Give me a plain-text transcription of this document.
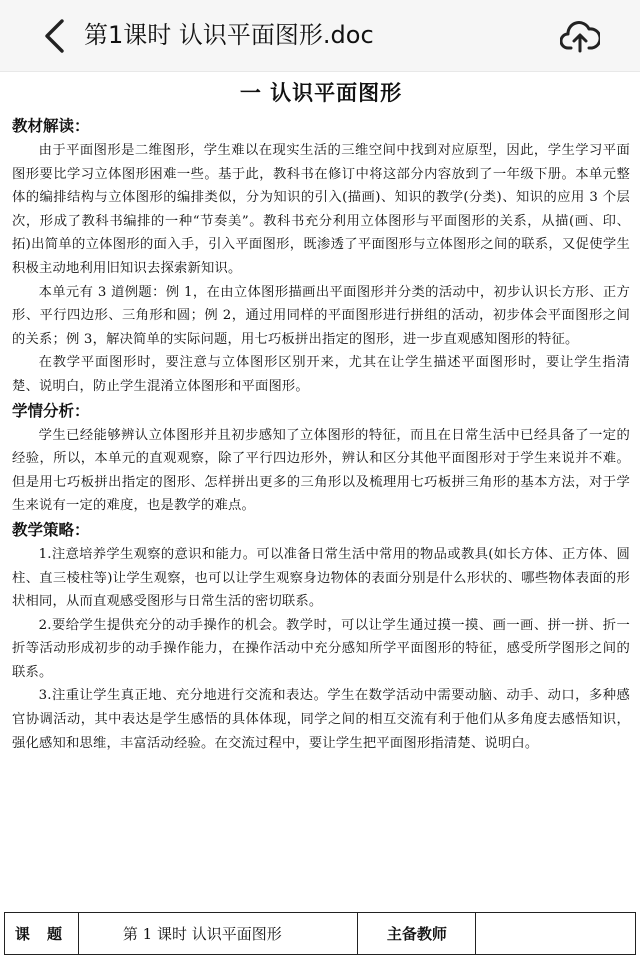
第1课时 认识平面图形.doc
一 认识平面图形
教材解读：

由于平面图形是二维图形，学生难以在现实生活的三维空间中找到对应原型，因此，学生学习平面图形要比学习立体图形困难一些。基于此，教科书在修订中将这部分内容放到了一年级下册。本单元整体的编排结构与立体图形的编排类似，分为知识的引入(描画)、知识的教学(分类)、知识的应用 3 个层次，形成了教科书编排的一种“节奏美”。教科书充分利用立体图形与平面图形的关系，从描(画、印、拓)出简单的立体图形的面入手，引入平面图形，既渗透了平面图形与立体图形之间的联系，又促使学生积极主动地利用旧知识去探索新知识。

本单元有 3 道例题：例 1，在由立体图形描画出平面图形并分类的活动中，初步认识长方形、正方形、平行四边形、三角形和圆；例 2，通过用同样的平面图形进行拼组的活动，初步体会平面图形之间的关系；例 3，解决简单的实际问题，用七巧板拼出指定的图形，进一步直观感知图形的特征。

在教学平面图形时，要注意与立体图形区别开来，尤其在让学生描述平面图形时，要让学生指清楚、说明白，防止学生混淆立体图形和平面图形。

学情分析：

学生已经能够辨认立体图形并且初步感知了立体图形的特征，而且在日常生活中已经具备了一定的经验，所以，本单元的直观观察，除了平行四边形外，辨认和区分其他平面图形对于学生来说并不难。但是用七巧板拼出指定的图形、怎样拼出更多的三角形以及梳理用七巧板拼三角形的基本方法，对于学生来说有一定的难度，也是教学的难点。

教学策略：

1.注意培养学生观察的意识和能力。可以准备日常生活中常用的物品或教具(如长方体、正方体、圆柱、直三棱柱等)让学生观察，也可以让学生观察身边物体的表面分别是什么形状的、哪些物体表面的形状相同，从而直观感受图形与日常生活的密切联系。

2.要给学生提供充分的动手操作的机会。教学时，可以让学生通过摸一摸、画一画、拼一拼、折一折等活动形成初步的动手操作能力，在操作活动中充分感知所学平面图形的特征，感受所学图形之间的联系。

3.注重让学生真正地、充分地进行交流和表达。学生在数学活动中需要动脑、动手、动口，多种感官协调活动，其中表达是学生感悟的具体体现，同学之间的相互交流有利于他们从多角度去感悟知识，强化感知和思维，丰富活动经验。在交流过程中，要让学生把平面图形指清楚、说明白。

课 题	第 1 课时 认识平面图形	主备教师	
